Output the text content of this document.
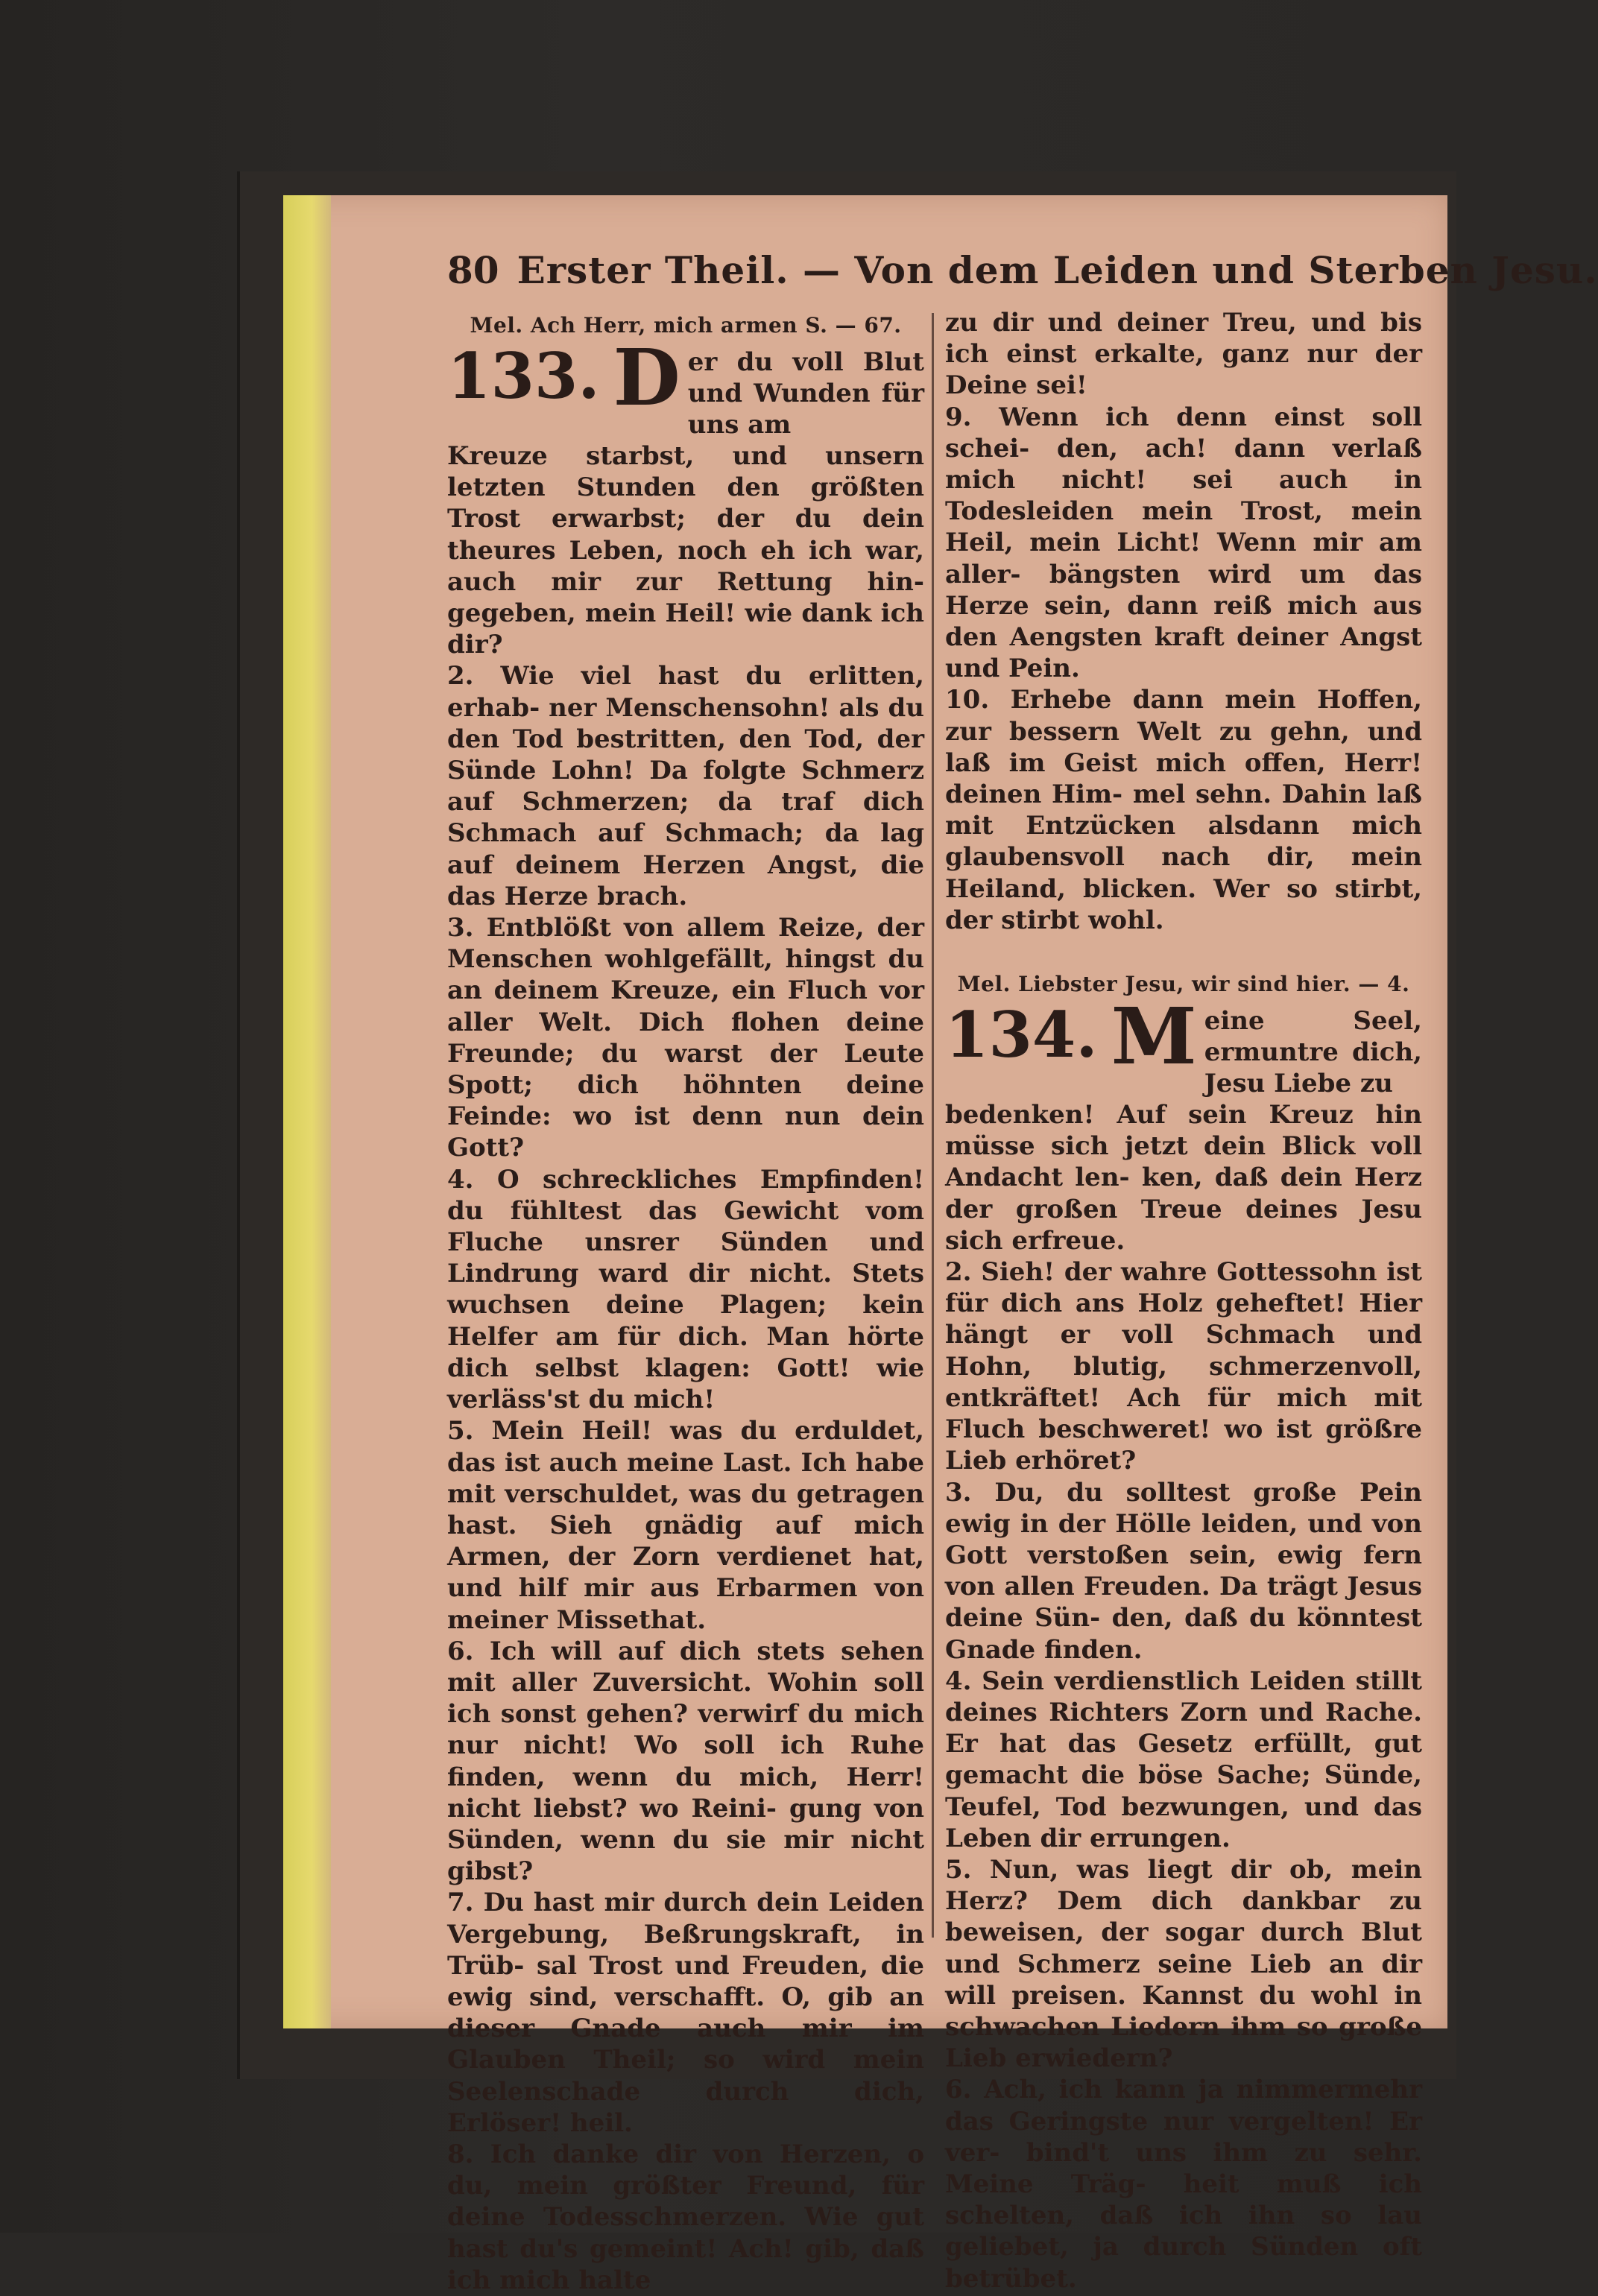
80 Erster Theil. — Von dem Leiden und Sterben Jesu.
Mel. Ach Herr, mich armen S. — 67.
133. D er du voll Blut und Wunden für uns am

Kreuze starbst, und unsern letzten Stunden den größten Trost erwarbst; der du dein theures Leben, noch eh ich war, auch mir zur Rettung hin- gegeben, mein Heil! wie dank ich dir?

2. Wie viel hast du erlitten, erhab- ner Menschensohn! als du den Tod bestritten, den Tod, der Sünde Lohn! Da folgte Schmerz auf Schmerzen; da traf dich Schmach auf Schmach; da lag auf deinem Herzen Angst, die das Herze brach.

3. Entblößt von allem Reize, der Menschen wohlgefällt, hingst du an deinem Kreuze, ein Fluch vor aller Welt. Dich flohen deine Freunde; du warst der Leute Spott; dich höhnten deine Feinde: wo ist denn nun dein Gott?

4. O schreckliches Empfinden! du fühltest das Gewicht vom Fluche unsrer Sünden und Lindrung ward dir nicht. Stets wuchsen deine Plagen; kein Helfer am für dich. Man hörte dich selbst klagen: Gott! wie verläss'st du mich!

5. Mein Heil! was du erduldet, das ist auch meine Last. Ich habe mit verschuldet, was du getragen hast. Sieh gnädig auf mich Armen, der Zorn verdienet hat, und hilf mir aus Erbarmen von meiner Missethat.

6. Ich will auf dich stets sehen mit aller Zuversicht. Wohin soll ich sonst gehen? verwirf du mich nur nicht! Wo soll ich Ruhe finden, wenn du mich, Herr! nicht liebst? wo Reini- gung von Sünden, wenn du sie mir nicht gibst?

7. Du hast mir durch dein Leiden Vergebung, Beßrungskraft, in Trüb- sal Trost und Freuden, die ewig sind, verschafft. O, gib an dieser Gnade auch mir im Glauben Theil; so wird mein Seelenschade durch dich, Erlöser! heil.

8. Ich danke dir von Herzen, o du, mein größter Freund, für deine Todesschmerzen. Wie gut hast du's gemeint! Ach! gib, daß ich mich halte

zu dir und deiner Treu, und bis ich einst erkalte, ganz nur der Deine sei!

9. Wenn ich denn einst soll schei- den, ach! dann verlaß mich nicht! sei auch in Todesleiden mein Trost, mein Heil, mein Licht! Wenn mir am aller- bängsten wird um das Herze sein, dann reiß mich aus den Aengsten kraft deiner Angst und Pein.

10. Erhebe dann mein Hoffen, zur bessern Welt zu gehn, und laß im Geist mich offen, Herr! deinen Him- mel sehn. Dahin laß mit Entzücken alsdann mich glaubensvoll nach dir, mein Heiland, blicken. Wer so stirbt, der stirbt wohl.

Mel. Liebster Jesu, wir sind hier. — 4.
134. M eine Seel, ermuntre dich, Jesu Liebe zu

bedenken! Auf sein Kreuz hin müsse sich jetzt dein Blick voll Andacht len- ken, daß dein Herz der großen Treue deines Jesu sich erfreue.

2. Sieh! der wahre Gottessohn ist für dich ans Holz geheftet! Hier hängt er voll Schmach und Hohn, blutig, schmerzenvoll, entkräftet! Ach für mich mit Fluch beschweret! wo ist größre Lieb erhöret?

3. Du, du solltest große Pein ewig in der Hölle leiden, und von Gott verstoßen sein, ewig fern von allen Freuden. Da trägt Jesus deine Sün- den, daß du könntest Gnade finden.

4. Sein verdienstlich Leiden stillt deines Richters Zorn und Rache. Er hat das Gesetz erfüllt, gut gemacht die böse Sache; Sünde, Teufel, Tod bezwungen, und das Leben dir errungen.

5. Nun, was liegt dir ob, mein Herz? Dem dich dankbar zu beweisen, der sogar durch Blut und Schmerz seine Lieb an dir will preisen. Kannst du wohl in schwachen Liedern ihm so große Lieb erwiedern?

6. Ach, ich kann ja nimmermehr das Geringste nur vergelten! Er ver- bind't uns ihm zu sehr. Meine Träg- heit muß ich schelten, daß ich ihn so lau geliebet, ja durch Sünden oft betrübet.
